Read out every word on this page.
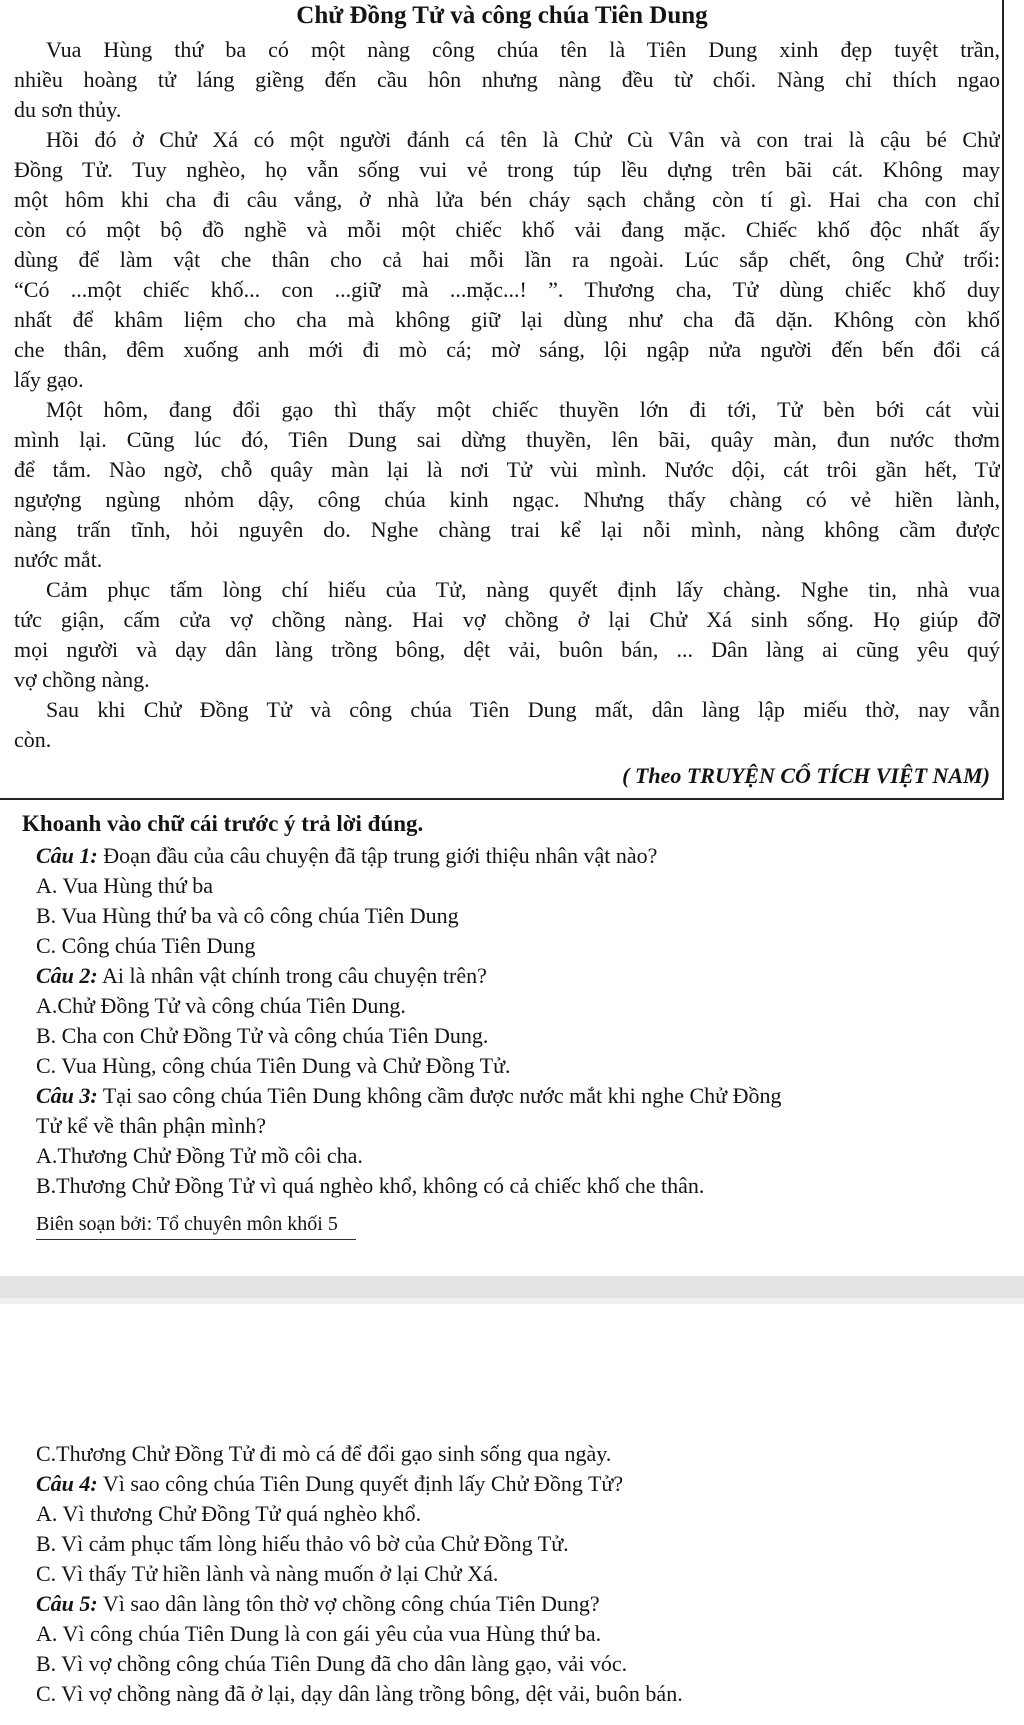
Chử Đồng Tử và công chúa Tiên Dung
Vua Hùng thứ ba có một nàng công chúa tên là Tiên Dung xinh đẹp tuyệt trần,
nhiều hoàng tử láng giềng đến cầu hôn nhưng nàng đều từ chối. Nàng chỉ thích ngao
du sơn thủy.
Hồi đó ở Chử Xá có một người đánh cá tên là Chử Cù Vân và con trai là cậu bé Chử
Đồng Tử. Tuy nghèo, họ vẫn sống vui vẻ trong túp lều dựng trên bãi cát. Không may
một hôm khi cha đi câu vắng, ở nhà lửa bén cháy sạch chẳng còn tí gì. Hai cha con chỉ
còn có một bộ đồ nghề và mỗi một chiếc khố vải đang mặc. Chiếc khố độc nhất ấy
dùng để làm vật che thân cho cả hai mỗi lần ra ngoài. Lúc sắp chết, ông Chử trối:
“Có ...một chiếc khố... con ...giữ mà ...mặc...! ”. Thương cha, Tử dùng chiếc khố duy
nhất để khâm liệm cho cha mà không giữ lại dùng như cha đã dặn. Không còn khố
che thân, đêm xuống anh mới đi mò cá; mờ sáng, lội ngập nửa người đến bến đổi cá
lấy gạo.
Một hôm, đang đổi gạo thì thấy một chiếc thuyền lớn đi tới, Tử bèn bới cát vùi
mình lại. Cũng lúc đó, Tiên Dung sai dừng thuyền, lên bãi, quây màn, đun nước thơm
để tắm. Nào ngờ, chỗ quây màn lại là nơi Tử vùi mình. Nước dội, cát trôi gần hết, Tử
ngượng ngùng nhỏm dậy, công chúa kinh ngạc. Nhưng thấy chàng có vẻ hiền lành,
nàng trấn tĩnh, hỏi nguyên do. Nghe chàng trai kể lại nỗi mình, nàng không cầm được
nước mắt.
Cảm phục tấm lòng chí hiếu của Tử, nàng quyết định lấy chàng. Nghe tin, nhà vua
tức giận, cấm cửa vợ chồng nàng. Hai vợ chồng ở lại Chử Xá sinh sống. Họ giúp đỡ
mọi người và dạy dân làng trồng bông, dệt vải, buôn bán, ... Dân làng ai cũng yêu quý
vợ chồng nàng.
Sau khi Chử Đồng Tử và công chúa Tiên Dung mất, dân làng lập miếu thờ, nay vẫn
còn.
( Theo TRUYỆN CỔ TÍCH VIỆT NAM)
Khoanh vào chữ cái trước ý trả lời đúng.
Câu 1: Đoạn đầu của câu chuyện đã tập trung giới thiệu nhân vật nào?
A. Vua Hùng thứ ba
B. Vua Hùng thứ ba và cô công chúa Tiên Dung
C. Công chúa Tiên Dung
Câu 2: Ai là nhân vật chính trong câu chuyện trên?
A.Chử Đồng Tử và công chúa Tiên Dung.
B. Cha con Chử Đồng Tử và công chúa Tiên Dung.
C. Vua Hùng, công chúa Tiên Dung và Chử Đồng Tử.
Câu 3: Tại sao công chúa Tiên Dung không cầm được nước mắt khi nghe Chử Đồng
Tử kể về thân phận mình?
A.Thương Chử Đồng Tử mồ côi cha.
B.Thương Chử Đồng Tử vì quá nghèo khổ, không có cả chiếc khố che thân.
Biên soạn bởi: Tổ chuyên môn khối 5
C.Thương Chử Đồng Tử đi mò cá để đổi gạo sinh sống qua ngày.
Câu 4: Vì sao công chúa Tiên Dung quyết định lấy Chử Đồng Tử?
A. Vì thương Chử Đồng Tử quá nghèo khổ.
B. Vì cảm phục tấm lòng hiếu thảo vô bờ của Chử Đồng Tử.
C. Vì thấy Tử hiền lành và nàng muốn ở lại Chử Xá.
Câu 5: Vì sao dân làng tôn thờ vợ chồng công chúa Tiên Dung?
A. Vì công chúa Tiên Dung là con gái yêu của vua Hùng thứ ba.
B. Vì vợ chồng công chúa Tiên Dung đã cho dân làng gạo, vải vóc.
C. Vì vợ chồng nàng đã ở lại, dạy dân làng trồng bông, dệt vải, buôn bán.
